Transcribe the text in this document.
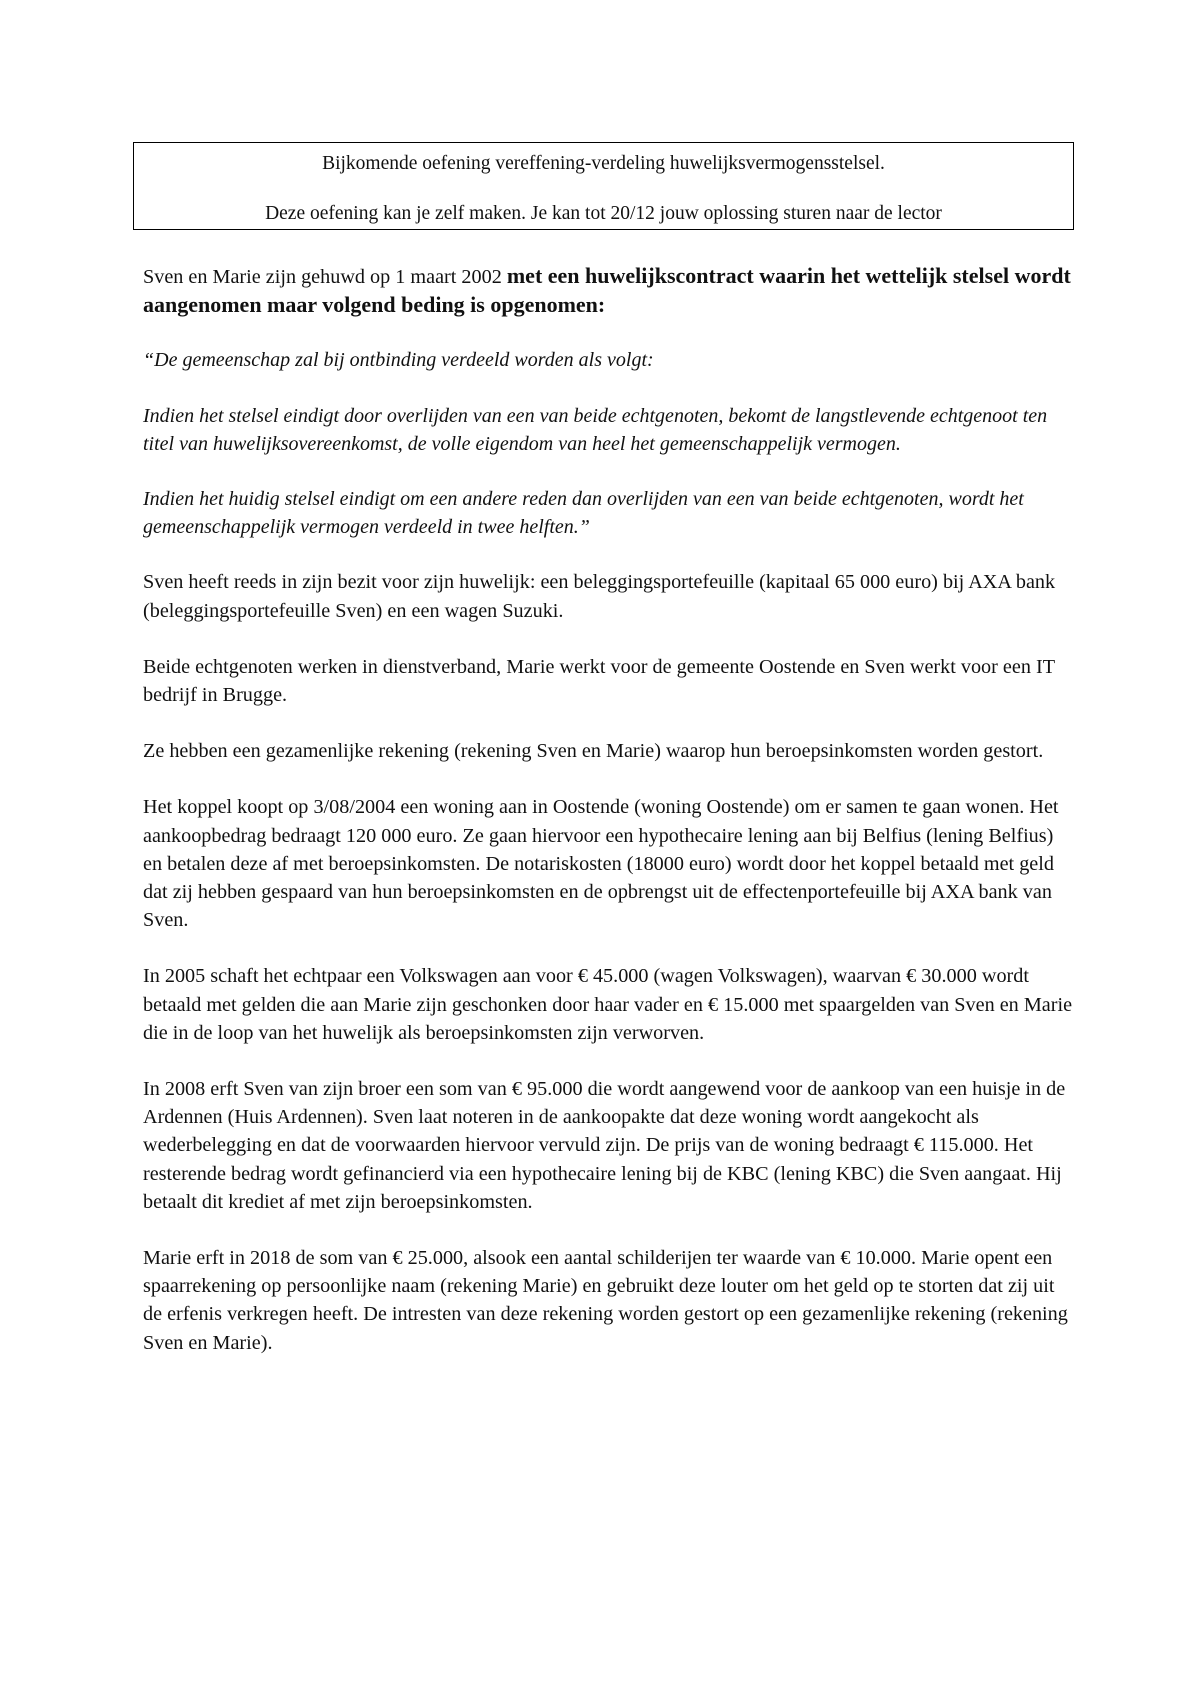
Bijkomende oefening vereffening-verdeling huwelijksvermogensstelsel.

Deze oefening kan je zelf maken. Je kan tot 20/12 jouw oplossing sturen naar de lector

Sven en Marie zijn gehuwd op 1 maart 2002 met een huwelijkscontract waarin het wettelijk stelsel wordt aangenomen maar volgend beding is opgenomen:

“De gemeenschap zal bij ontbinding verdeeld worden als volgt:

Indien het stelsel eindigt door overlijden van een van beide echtgenoten, bekomt de langstlevende echtgenoot ten titel van huwelijksovereenkomst, de volle eigendom van heel het gemeenschappelijk vermogen.

Indien het huidig stelsel eindigt om een andere reden dan overlijden van een van beide echtgenoten, wordt het gemeenschappelijk vermogen verdeeld in twee helften.”

Sven heeft reeds in zijn bezit voor zijn huwelijk: een beleggingsportefeuille (kapitaal 65 000 euro) bij AXA bank (beleggingsportefeuille Sven) en een wagen Suzuki.

Beide echtgenoten werken in dienstverband, Marie werkt voor de gemeente Oostende en Sven werkt voor een IT bedrijf in Brugge.

Ze hebben een gezamenlijke rekening (rekening Sven en Marie) waarop hun beroepsinkomsten worden gestort.

Het koppel koopt op 3/08/2004 een woning aan in Oostende (woning Oostende) om er samen te gaan wonen. Het aankoopbedrag bedraagt 120 000 euro. Ze gaan hiervoor een hypothecaire lening aan bij Belfius (lening Belfius) en betalen deze af met beroepsinkomsten. De notariskosten (18000 euro) wordt door het koppel betaald met geld dat zij hebben gespaard van hun beroepsinkomsten en de opbrengst uit de effectenportefeuille bij AXA bank van Sven.

In 2005 schaft het echtpaar een Volkswagen aan voor € 45.000 (wagen Volkswagen), waarvan € 30.000 wordt betaald met gelden die aan Marie zijn geschonken door haar vader en € 15.000 met spaargelden van Sven en Marie die in de loop van het huwelijk als beroepsinkomsten zijn verworven.

In 2008 erft Sven van zijn broer een som van € 95.000 die wordt aangewend voor de aankoop van een huisje in de Ardennen (Huis Ardennen). Sven laat noteren in de aankoopakte dat deze woning wordt aangekocht als wederbelegging en dat de voorwaarden hiervoor vervuld zijn. De prijs van de woning bedraagt € 115.000. Het resterende bedrag wordt gefinancierd via een hypothecaire lening bij de KBC (lening KBC) die Sven aangaat. Hij betaalt dit krediet af met zijn beroepsinkomsten.

Marie erft in 2018 de som van € 25.000, alsook een aantal schilderijen ter waarde van € 10.000. Marie opent een spaarrekening op persoonlijke naam (rekening Marie) en gebruikt deze louter om het geld op te storten dat zij uit de erfenis verkregen heeft. De intresten van deze rekening worden gestort op een gezamenlijke rekening (rekening Sven en Marie).
